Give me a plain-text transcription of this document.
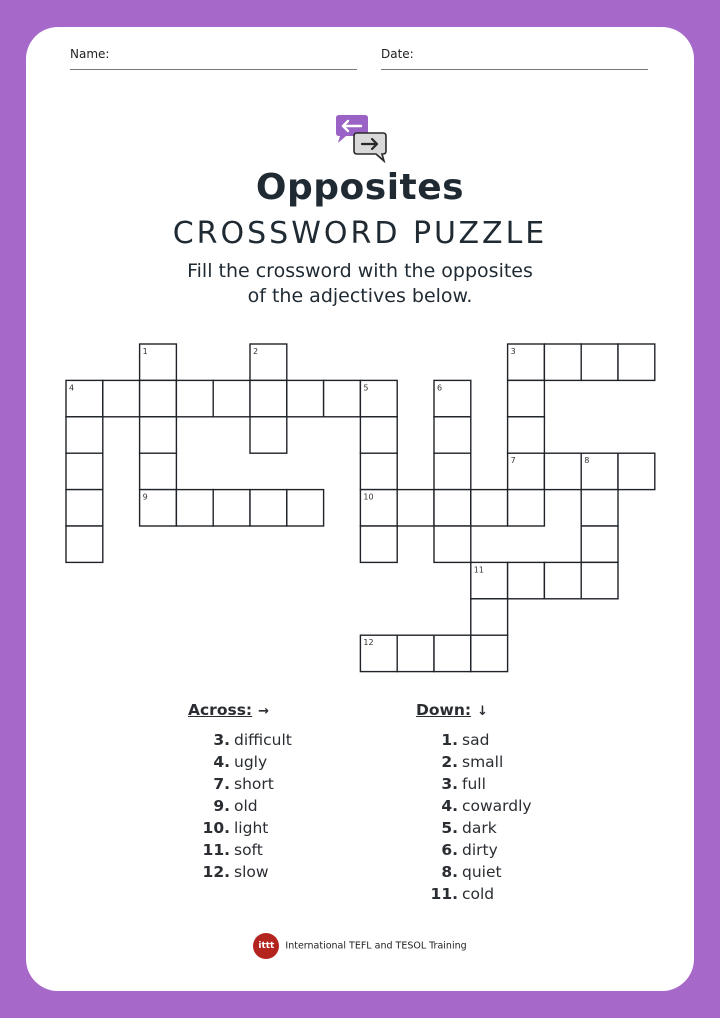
Name:	Date:
Opposites
CROSSWORD PUZZLE
Fill the crossword with the opposites
of the adjectives below.
1	2	3
4	5	6
7	8
9	10
11
12
Across: →
3. difficult
4. ugly
7. short
9. old
10. light
11. soft
12. slow
Down: ↓
1. sad
2. small
3. full
4. cowardly
5. dark
6. dirty
8. quiet
11. cold
ittt International TEFL and TESOL Training
